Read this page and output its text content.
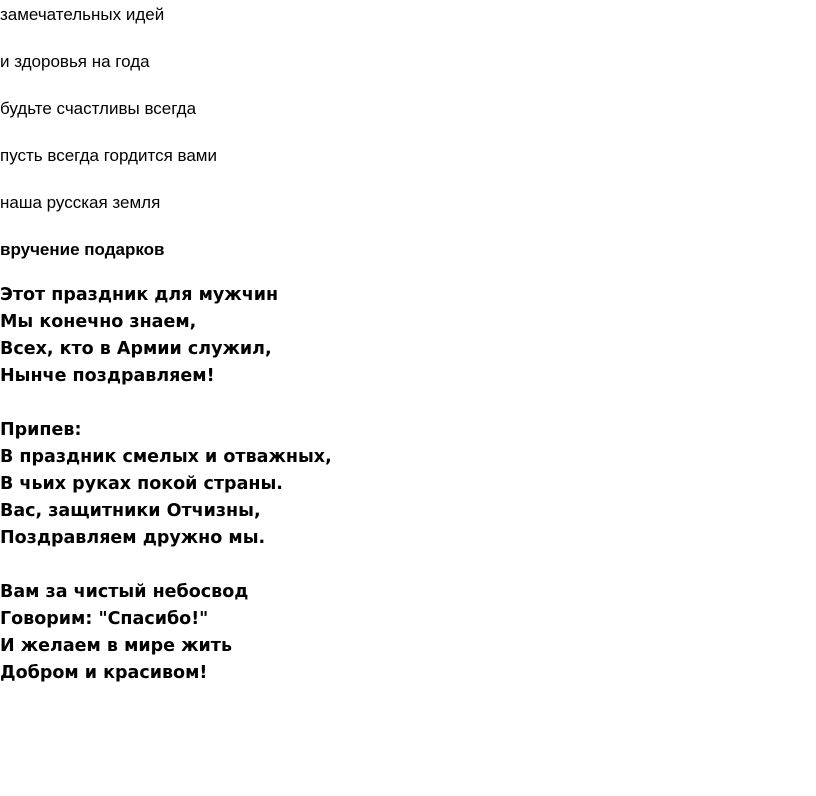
замечательных идей
и здоровья на года
будьте счастливы всегда
пусть всегда гордится вами
наша русская земля
вручение подарков
Этот праздник для мужчин
Мы конечно знаем,
Всех, кто в Армии служил,
Нынче поздравляем!
Припев:
В праздник смелых и отважных,
В чьих руках покой страны.
Вас, защитники Отчизны,
Поздравляем дружно мы.
Вам за чистый небосвод
Говорим: "Спасибо!"
И желаем в мире жить
Добром и красивом!
